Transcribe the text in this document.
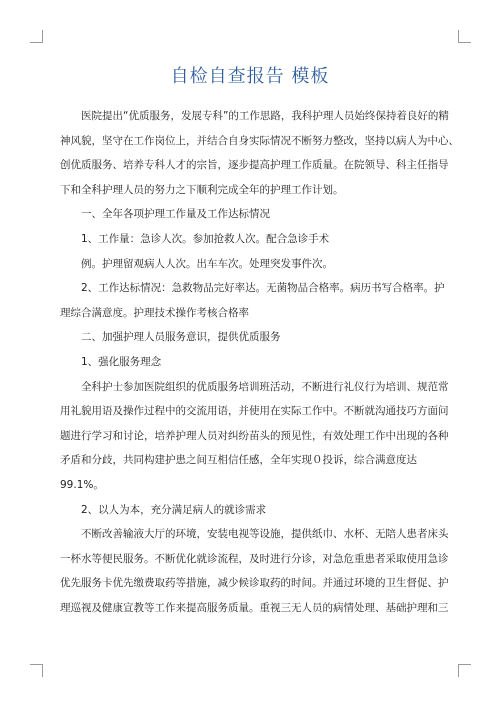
自检自查报告 模板

医院提出“优质服务，发展专科”的工作思路，我科护理人员始终保持着良好的精

神风貌，坚守在工作岗位上，并结合自身实际情况不断努力整改，坚持以病人为中心、

创优质服务、培养专科人才的宗旨，逐步提高护理工作质量。在院领导、科主任指导

下和全科护理人员的努力之下顺利完成全年的护理工作计划。

一、全年各项护理工作量及工作达标情况

1、工作量：急诊人次。参加抢救人次。配合急诊手术

例。护理留观病人人次。出车车次。处理突发事件次。

2、工作达标情况：急救物品完好率达。无菌物品合格率。病历书写合格率。护

理综合满意度。护理技术操作考核合格率

二、加强护理人员服务意识，提供优质服务

1、强化服务理念

全科护士参加医院组织的优质服务培训班活动，不断进行礼仪行为培训、规范常

用礼貌用语及操作过程中的交流用语，并使用在实际工作中。不断就沟通技巧方面问

题进行学习和讨论，培养护理人员对纠纷苗头的预见性，有效处理工作中出现的各种

矛盾和分歧，共同构建护患之间互相信任感，全年实现０投诉，综合满意度达

99.1%。

2、以人为本，充分满足病人的就诊需求

不断改善输液大厅的环境，安装电视等设施，提供纸巾、水杯、无陪人患者床头

一杯水等便民服务。不断优化就诊流程，及时进行分诊，对急危重患者采取使用急诊

优先服务卡优先缴费取药等措施，减少候诊取药的时间。并通过环境的卫生督促、护

理巡视及健康宣教等工作来提高服务质量。重视三无人员的病情处理、基础护理和三
